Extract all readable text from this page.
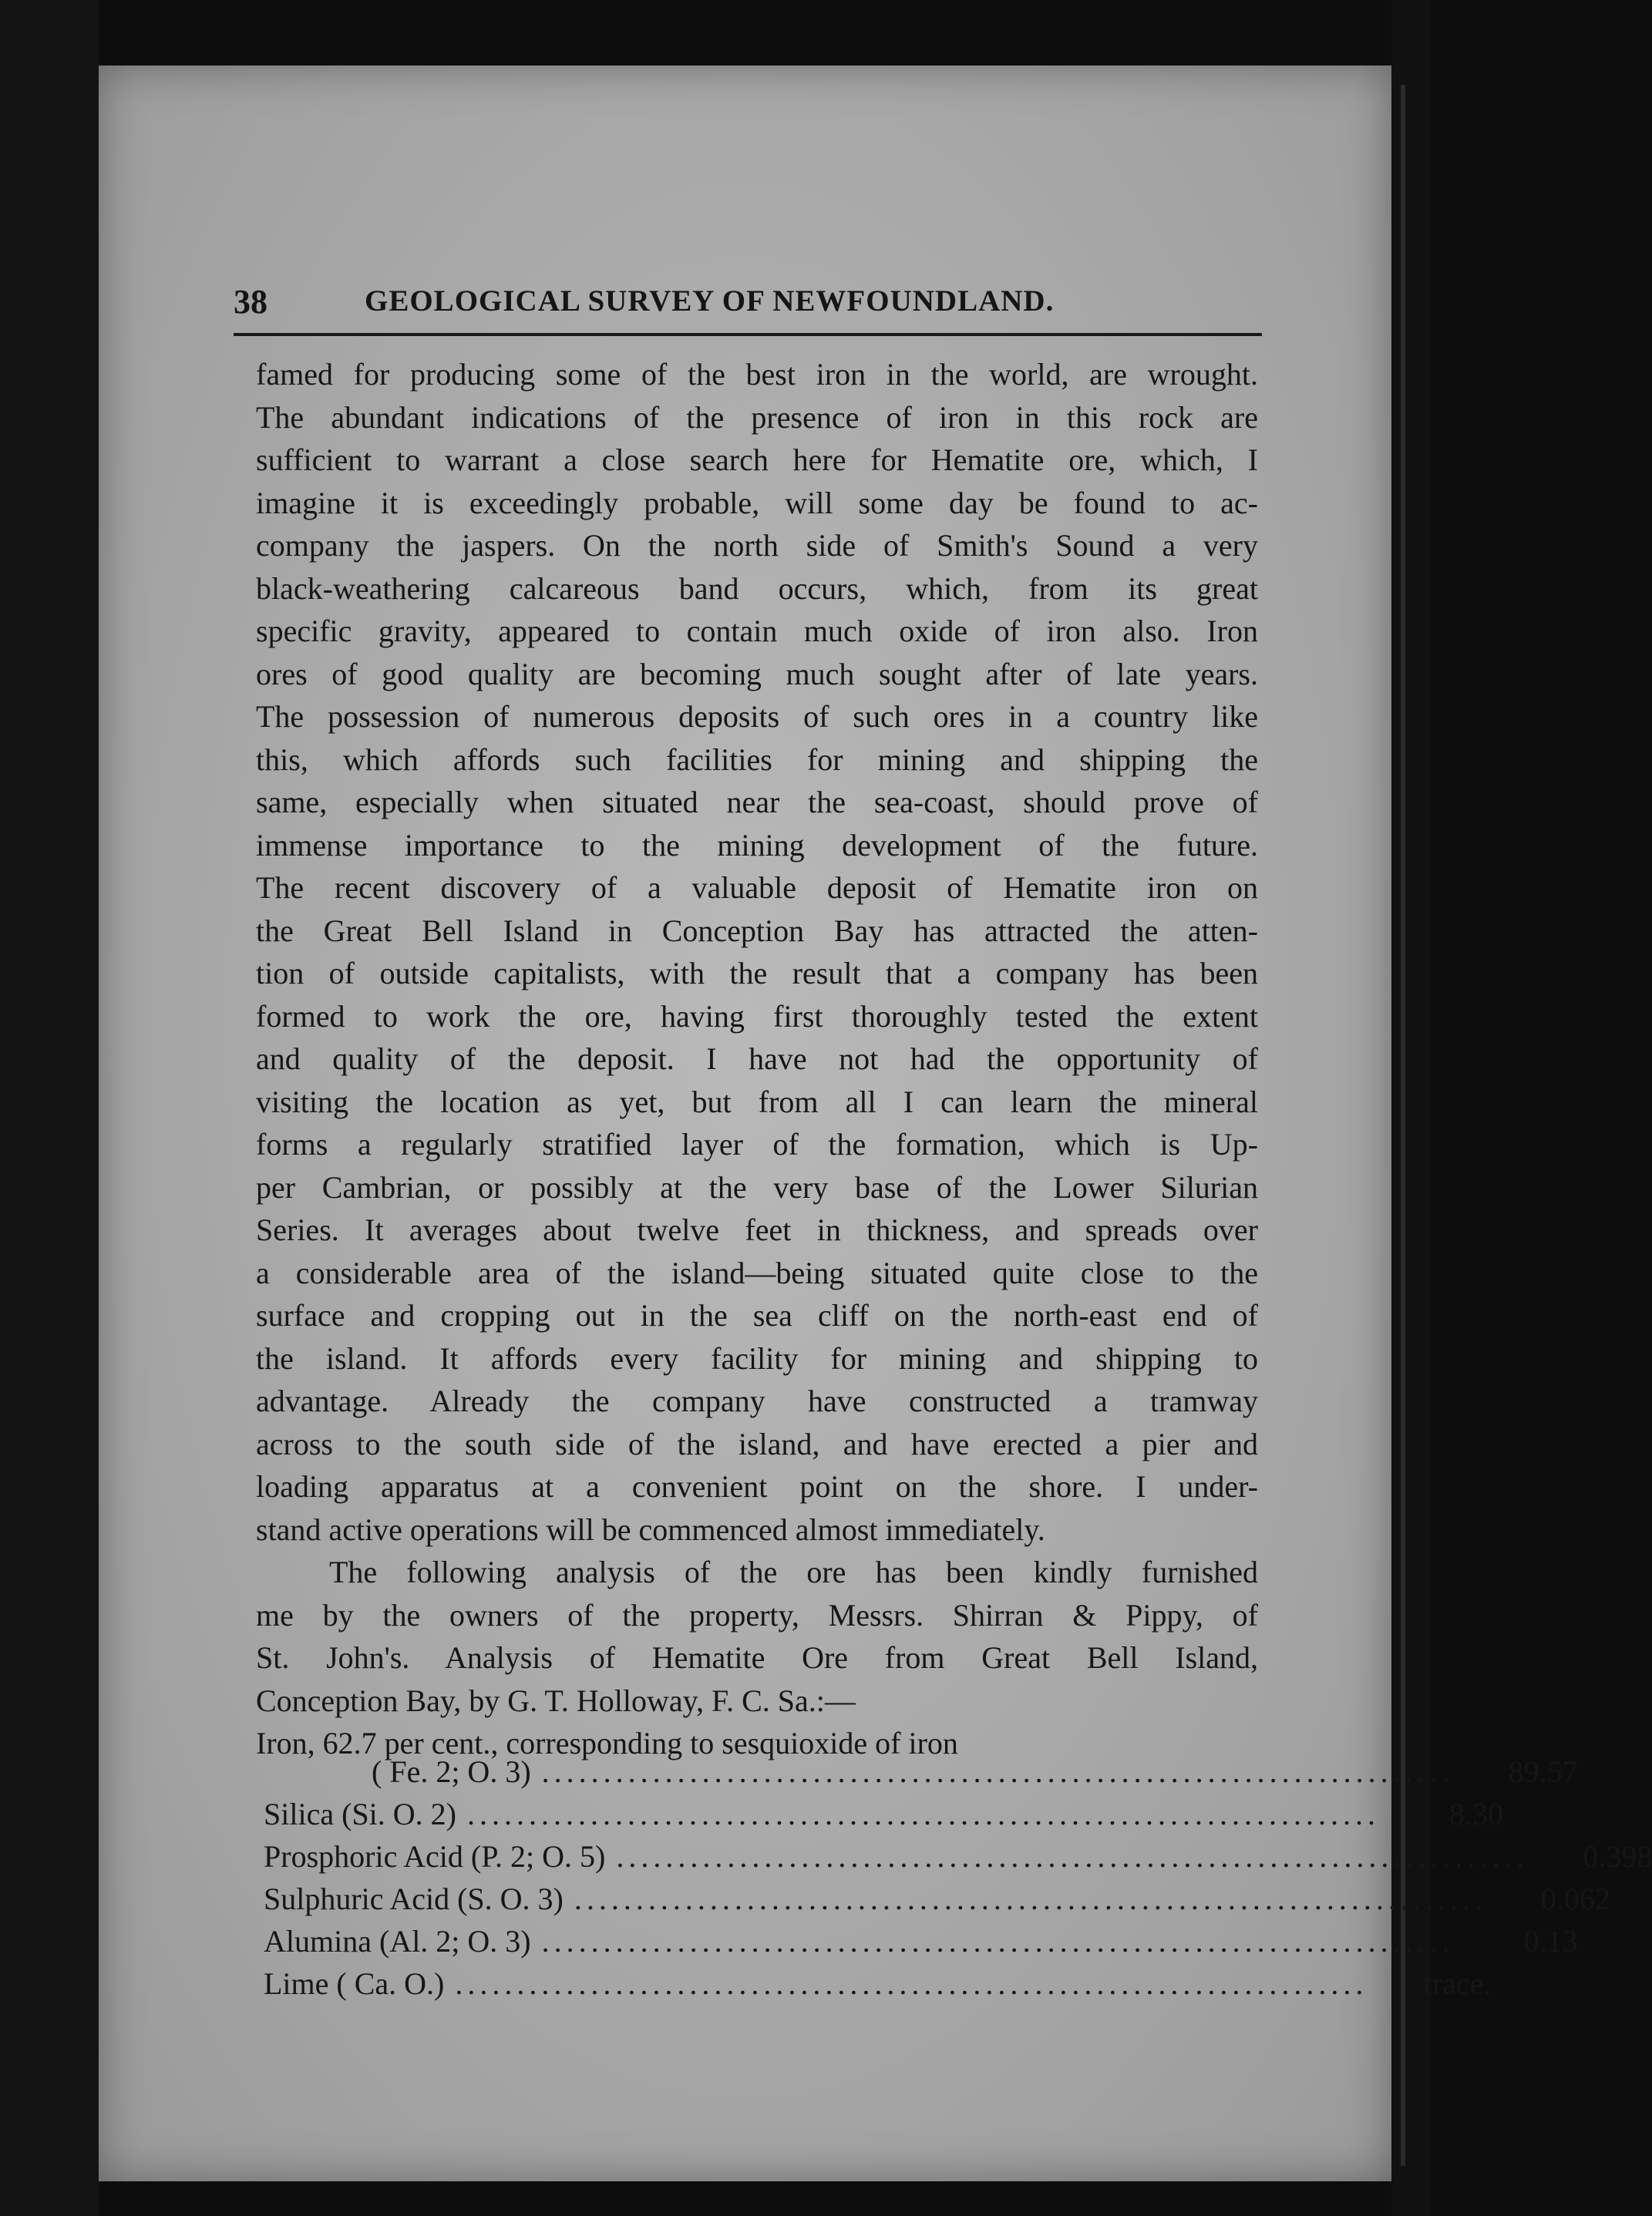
38	GEOLOGICAL SURVEY OF NEWFOUNDLAND.
famed for producing some of the best iron in the world, are wrought.
The abundant indications of the presence of iron in this rock are
sufficient to warrant a close search here for Hematite ore, which, I
imagine it is exceedingly probable, will some day be found to ac-
company the jaspers. On the north side of Smith's Sound a very
black-weathering calcareous band occurs, which, from its great
specific gravity, appeared to contain much oxide of iron also. Iron
ores of good quality are becoming much sought after of late years.
The possession of numerous deposits of such ores in a country like
this, which affords such facilities for mining and shipping the
same, especially when situated near the sea-coast, should prove of
immense importance to the mining development of the future.
The recent discovery of a valuable deposit of Hematite iron on
the Great Bell Island in Conception Bay has attracted the atten-
tion of outside capitalists, with the result that a company has been
formed to work the ore, having first thoroughly tested the extent
and quality of the deposit. I have not had the opportunity of
visiting the location as yet, but from all I can learn the mineral
forms a regularly stratified layer of the formation, which is Up-
per Cambrian, or possibly at the very base of the Lower Silurian
Series. It averages about twelve feet in thickness, and spreads over
a considerable area of the island—being situated quite close to the
surface and cropping out in the sea cliff on the north-east end of
the island. It affords every facility for mining and shipping to
advantage. Already the company have constructed a tramway
across to the south side of the island, and have erected a pier and
loading apparatus at a convenient point on the shore. I under-
stand active operations will be commenced almost immediately.
The following analysis of the ore has been kindly furnished
me by the owners of the property, Messrs. Shirran & Pippy, of
St. John's. Analysis of Hematite Ore from Great Bell Island,
Conception Bay, by G. T. Holloway, F. C. Sa.:—
Iron, 62.7 per cent., corresponding to sesquioxide of iron
( Fe. 2; O. 3) ..........................................................................	89.57
Silica (Si. O. 2) ..........................................................................	8.30
Prosphoric Acid (P. 2; O. 5) ..........................................................................	0.398
Sulphuric Acid (S. O. 3) ..........................................................................	0.062
Alumina (Al. 2; O. 3) ..........................................................................	0.13
Lime ( Ca. O.) ..........................................................................	trace.
